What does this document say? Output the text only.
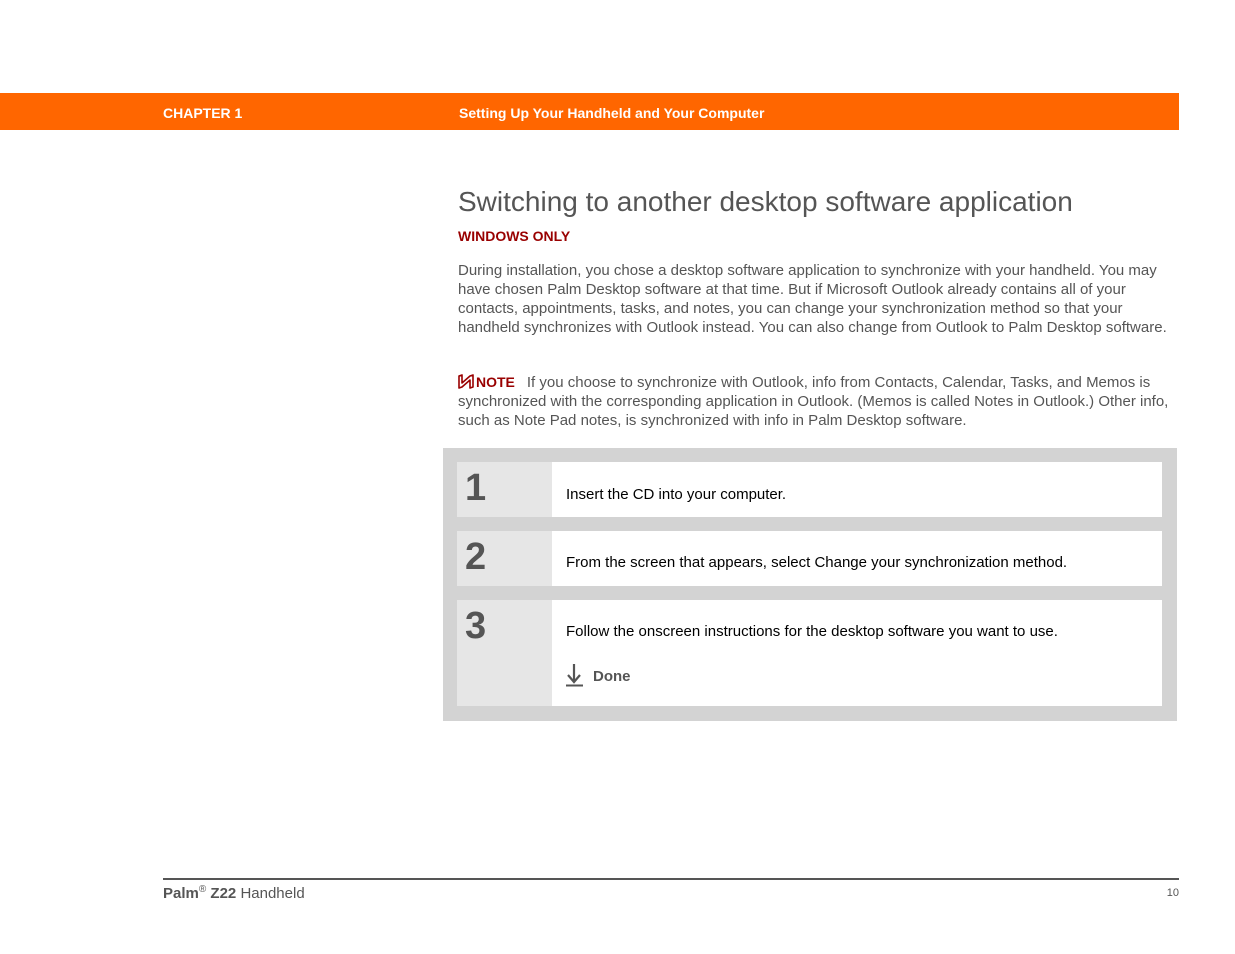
CHAPTER 1	Setting Up Your Handheld and Your Computer
Switching to another desktop software application
WINDOWS ONLY

During installation, you chose a desktop software application to synchronize with your handheld. You may have chosen Palm Desktop software at that time. But if Microsoft Outlook already contains all of your contacts, appointments, tasks, and notes, you can change your synchronization method so that your handheld synchronizes with Outlook instead. You can also change from Outlook to Palm Desktop software.

NOTE If you choose to synchronize with Outlook, info from Contacts, Calendar, Tasks, and Memos is synchronized with the corresponding application in Outlook. (Memos is called Notes in Outlook.) Other info, such as Note Pad notes, is synchronized with info in Palm Desktop software.

1	Insert the CD into your computer.
2	From the screen that appears, select Change your synchronization method.
3	Follow the onscreen instructions for the desktop software you want to use.
Done
Palm® Z22 Handheld	10
